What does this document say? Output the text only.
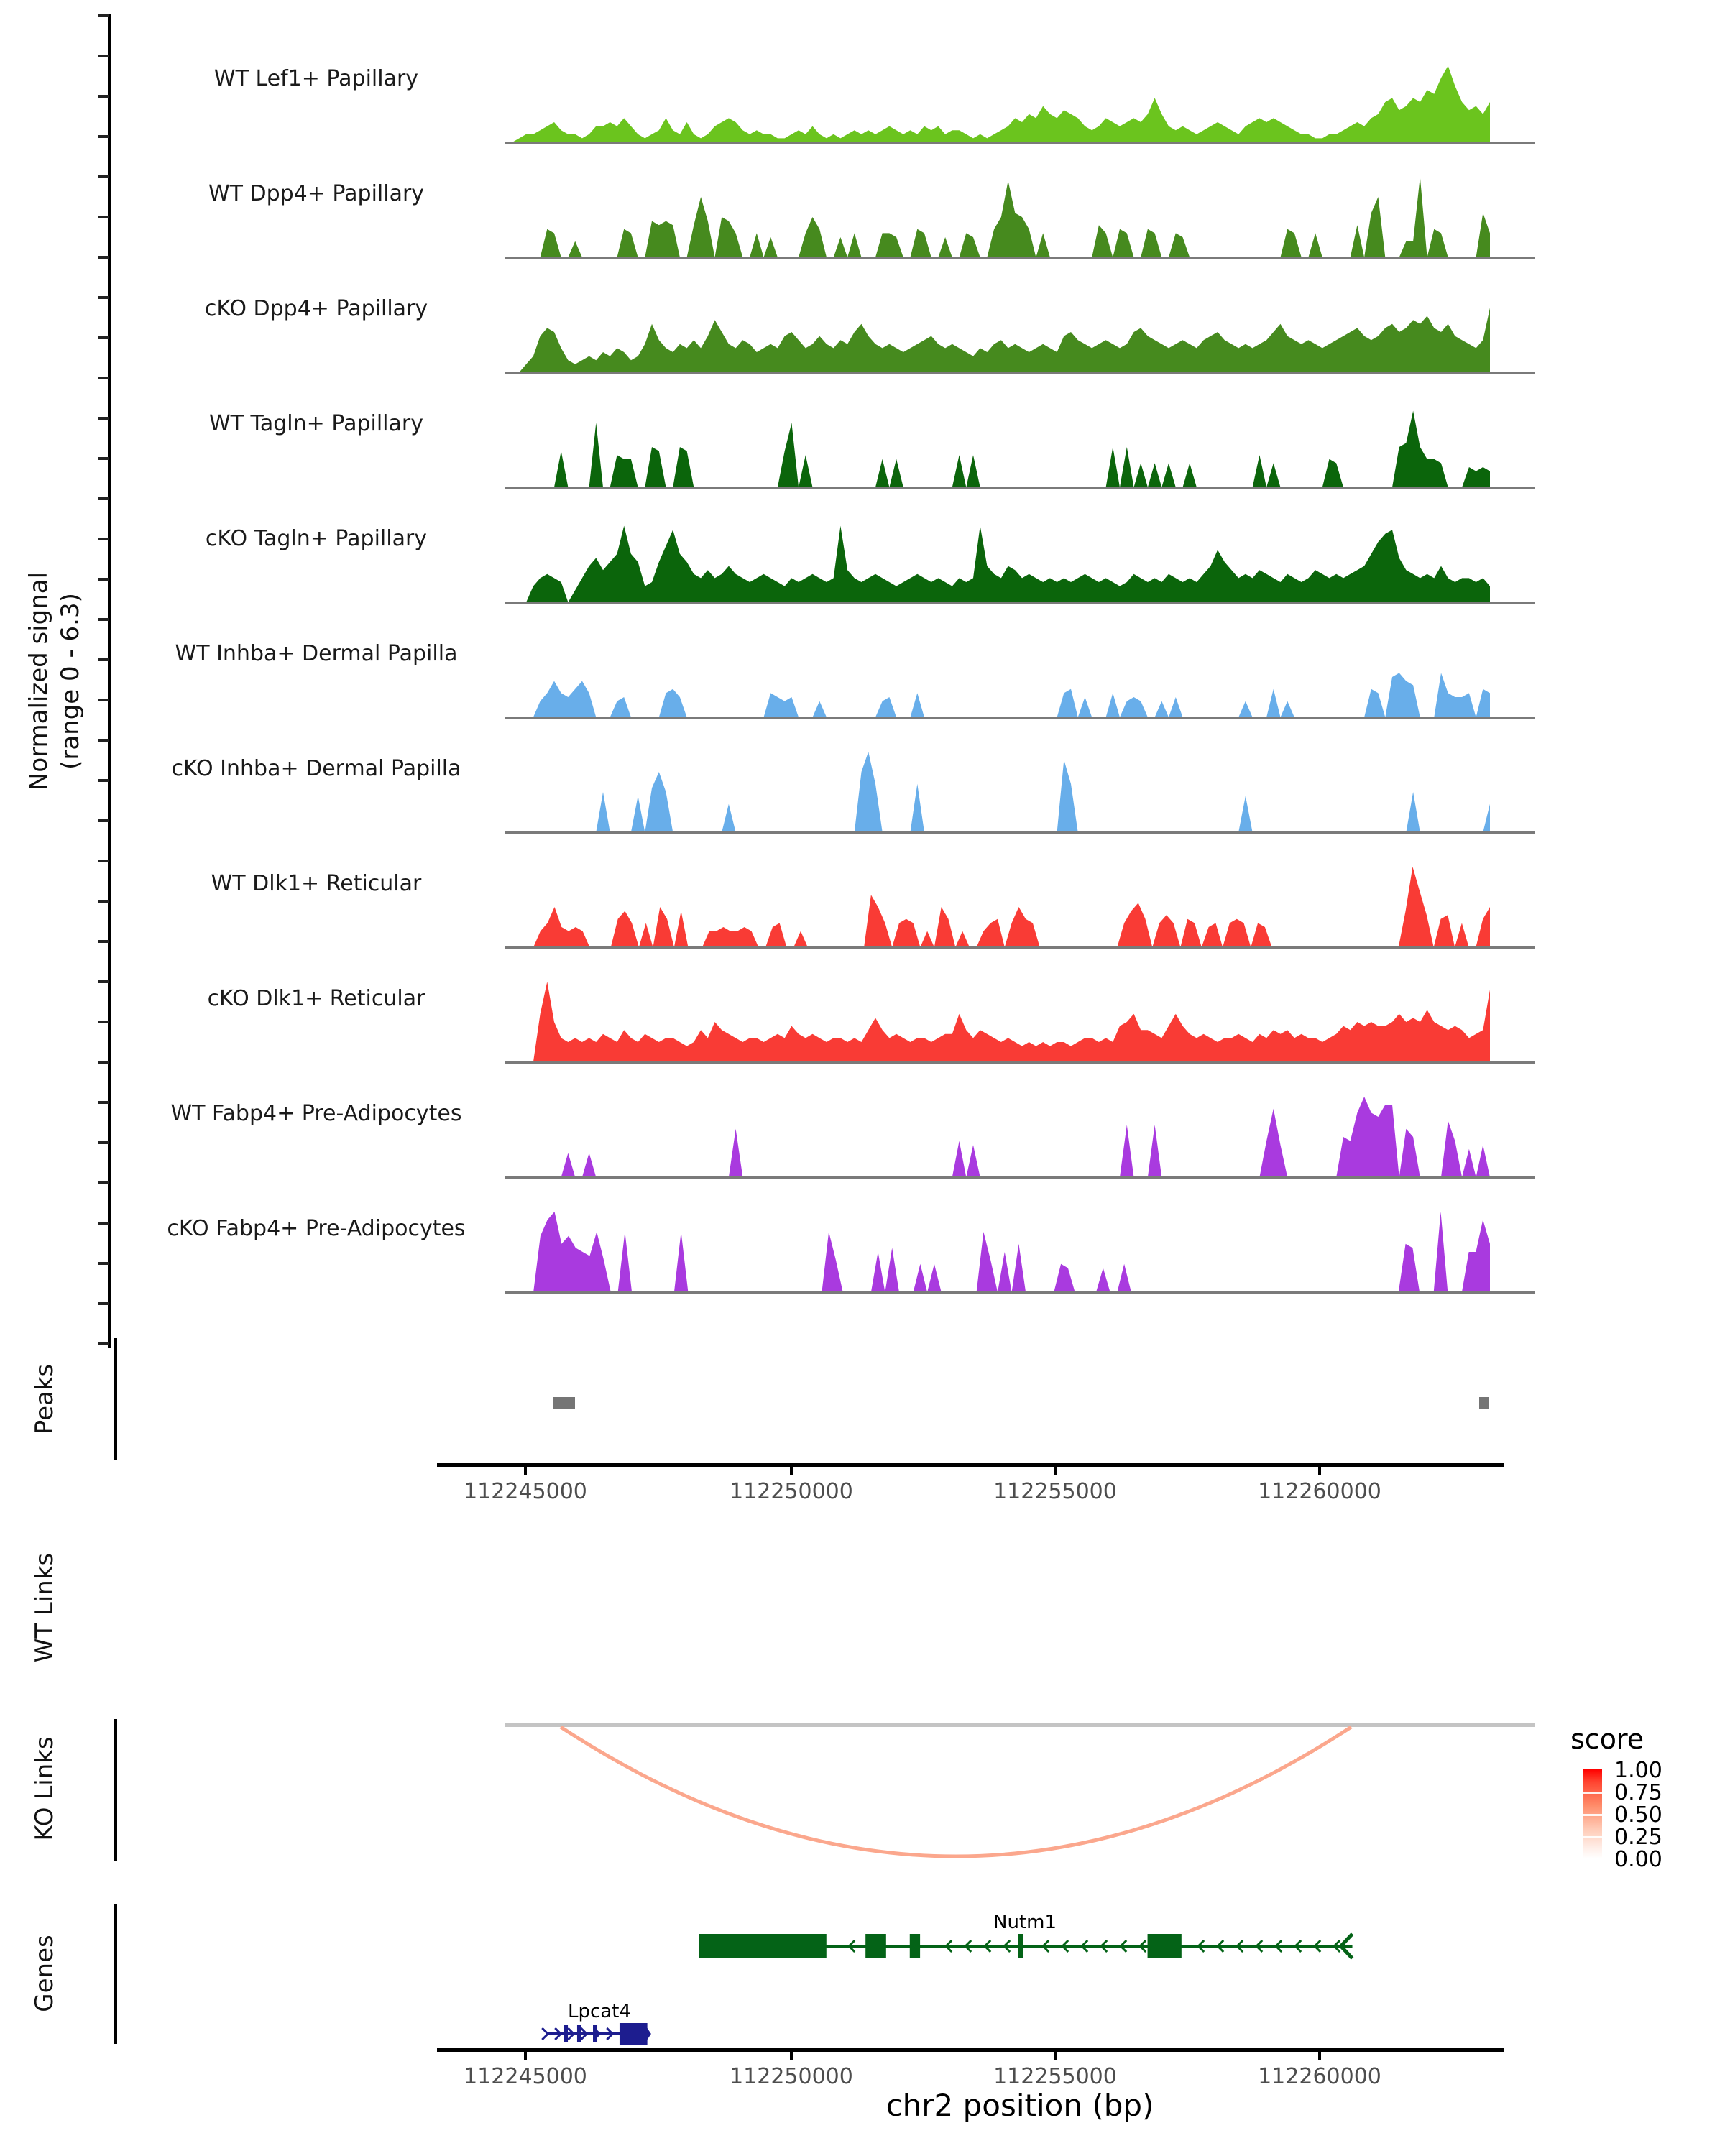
Normalized signal (range 0 - 6.3)
WT Lef1+ Papillary
WT Dpp4+ Papillary
cKO Dpp4+ Papillary
WT Tagln+ Papillary
cKO Tagln+ Papillary
WT Inhba+ Dermal Papilla
cKO Inhba+ Dermal Papilla
WT Dlk1+ Reticular
cKO Dlk1+ Reticular
WT Fabp4+ Pre-Adipocytes
cKO Fabp4+ Pre-Adipocytes
Peaks
112245000	112250000	112255000	112260000
WT Links
KO Links	score
1.00
0.75
0.50
0.25
0.00
Genes
Nutm1
Lpcat4
112245000	112250000	112255000	112260000
chr2 position (bp)
